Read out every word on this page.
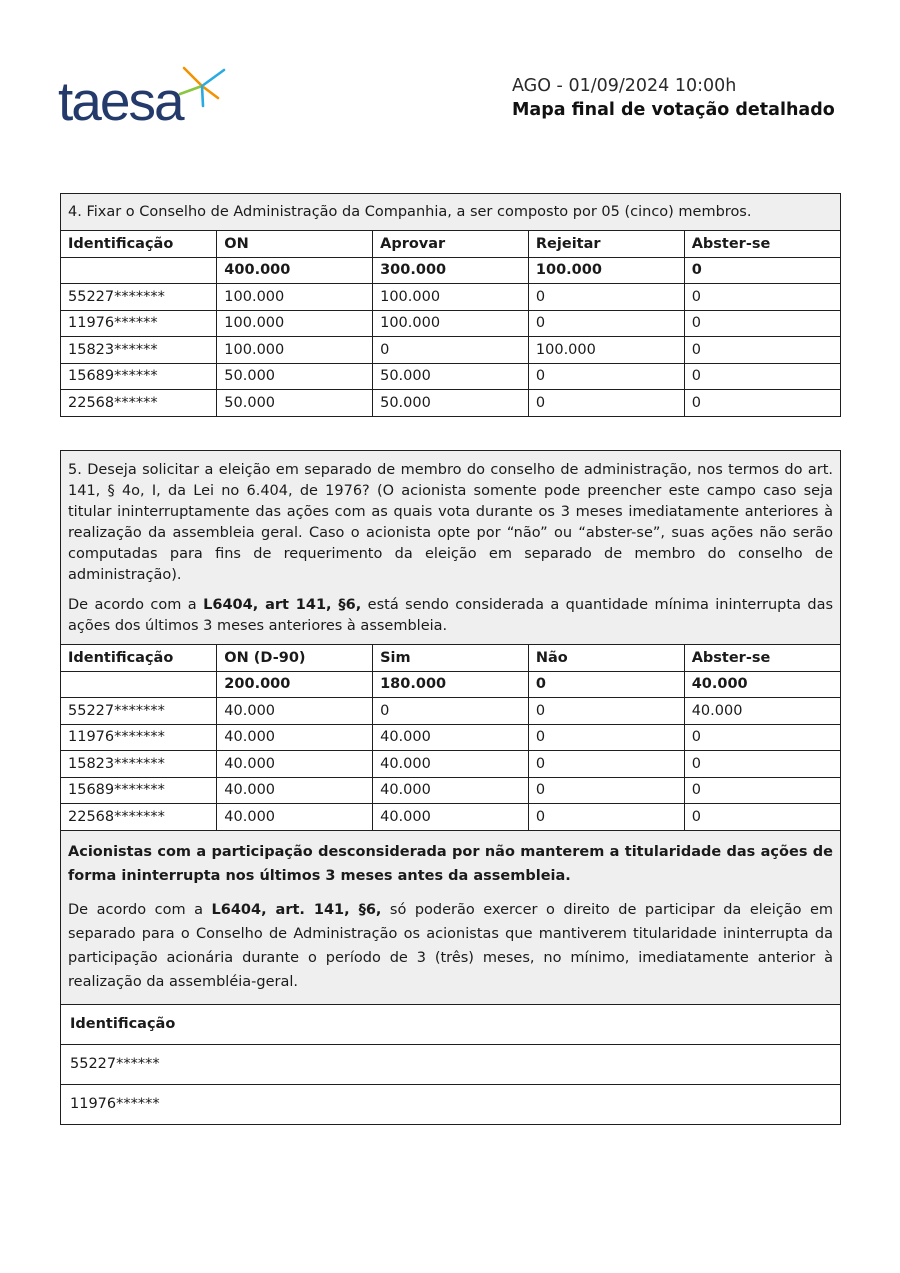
taesa	AGO - 01/09/2024 10:00h
Mapa final de votação detalhado

4. Fixar o Conselho de Administração da Companhia, a ser composto por 05 (cinco) membros.

Identificação	ON	Aprovar	Rejeitar	Abster-se
	400.000	300.000	100.000	0
55227*******	100.000	100.000	0	0
11976******	100.000	100.000	0	0
15823******	100.000	0	100.000	0
15689******	50.000	50.000	0	0
22568******	50.000	50.000	0	0

5. Deseja solicitar a eleição em separado de membro do conselho de administração, nos termos do art. 141, § 4o, I, da Lei no 6.404, de 1976? (O acionista somente pode preencher este campo caso seja titular ininterruptamente das ações com as quais vota durante os 3 meses imediatamente anteriores à realização da assembleia geral. Caso o acionista opte por “não” ou “abster-se”, suas ações não serão computadas para fins de requerimento da eleição em separado de membro do conselho de administração).

De acordo com a L6404, art 141, §6, está sendo considerada a quantidade mínima ininterrupta das ações dos últimos 3 meses anteriores à assembleia.

Identificação	ON (D-90)	Sim	Não	Abster-se
	200.000	180.000	0	40.000
55227*******	40.000	0	0	40.000
11976*******	40.000	40.000	0	0
15823*******	40.000	40.000	0	0
15689*******	40.000	40.000	0	0
22568*******	40.000	40.000	0	0

Acionistas com a participação desconsiderada por não manterem a titularidade das ações de forma ininterrupta nos últimos 3 meses antes da assembleia.

De acordo com a L6404, art. 141, §6, só poderão exercer o direito de participar da eleição em separado para o Conselho de Administração os acionistas que mantiverem titularidade ininterrupta da participação acionária durante o período de 3 (três) meses, no mínimo, imediatamente anterior à realização da assembléia-geral.

Identificação
55227******
11976******
